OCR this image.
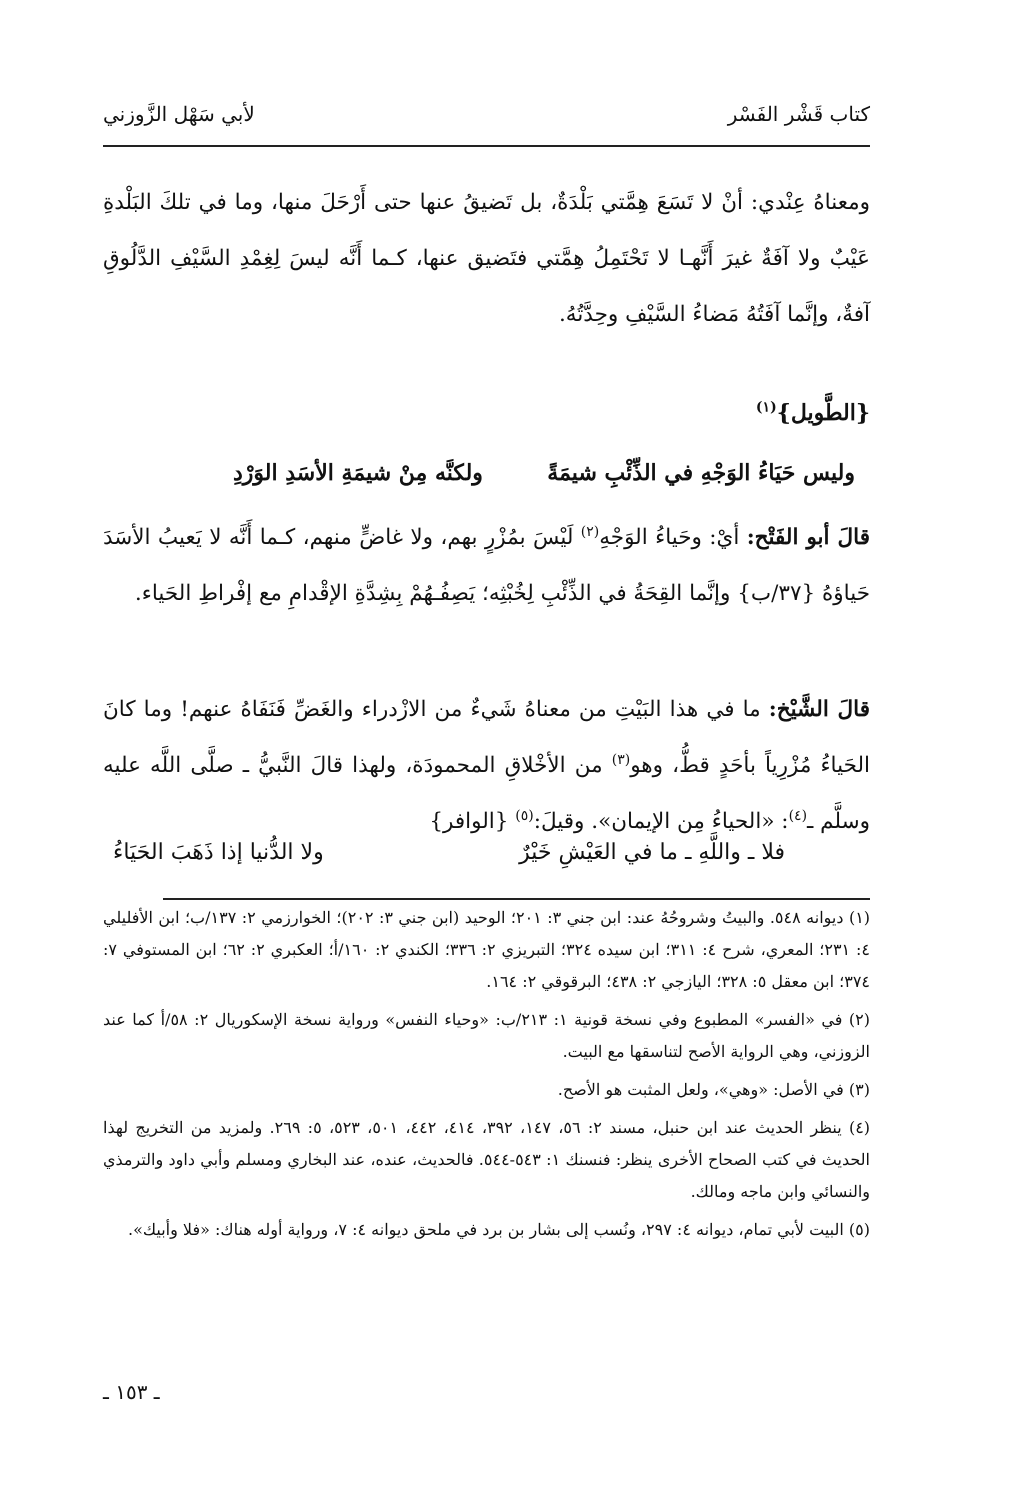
كتاب قَشْر الفَسْر
لأبي سَهْل الزَّوزني
ومعناهُ عِنْدي: أنْ لا تَسَعَ هِمَّتي بَلْدَةٌ، بل تَضيقُ عنها حتى أَرْحَلَ منها، وما في تلكَ البَلْدةِ عَيْبٌ ولا آفَةٌ غيرَ أَنَّهـا لا تَحْتَمِلُ هِمَّتي فتَضيق عنها، كـما أَنَّه ليسَ لِغِمْدِ السَّيْفِ الدَّلُوقِ آفةٌ، وإنَّما آفَتُهُ مَضاءُ السَّيْفِ وحِدَّتُهُ.
{الطَّويل}$^{(١)}$
وليس حَيَاءُ الوَجْهِ في الذِّئْبِ شيمَةً
ولكنَّه مِنْ شيمَةِ الأسَدِ الوَرْدِ
قالَ أبو الفَتْح: أيْ: وحَياءُ الوَجْهِ$^{(٢)}$ لَيْسَ بمُزْرٍ بهم، ولا غاضٍّ منهم، كـما أَنَّه لا يَعيبُ الأسَدَ حَياؤهُ {٣٧/ب} وإنَّما القِحَةُ في الذِّئْبِ لِخُبْثِه؛ يَصِفُـهُمْ بِشِدَّةِ الإقْدامِ مع إفْراطِ الحَياء.
قالَ الشَّيْخ: ما في هذا البَيْتِ من معناهُ شَيءٌ من الازْدراء والغَضِّ فَنَفَاهُ عنهم! وما كانَ الحَياءُ مُزْرِياً بأحَدٍ قطُّ، وهو$^{(٣)}$ من الأخْلاقِ المحمودَة، ولهذا قالَ النَّبيُّ ـ صلَّى اللَّه عليه وسلَّم ـ$^{(٤)}$: «الحياءُ مِن الإيمان». وقيلَ:$^{(٥)}$ {الوافر}
فلا ـ واللَّهِ ـ ما في العَيْشِ خَيْرٌ
ولا الدُّنيا إذا ذَهَبَ الحَيَاءُ
(١) ديوانه ٥٤٨. والبيتُ وشروحُهُ عند: ابن جني ٣: ٢٠١؛ الوحيد (ابن جني ٣: ٢٠٢)؛ الخوارزمي ٢: ١٣٧/ب؛ ابن الأفليلي ٤: ٢٣١؛ المعري، شرح ٤: ٣١١؛ ابن سيده ٣٢٤؛ التبريزي ٢: ٣٣٦؛ الكندي ٢: ١٦٠/أ؛ العكبري ٢: ٦٢؛ ابن المستوفي ٧: ٣٧٤؛ ابن معقل ٥: ٣٢٨؛ اليازجي ٢: ٤٣٨؛ البرقوقي ٢: ١٦٤.
(٢) في «الفسر» المطبوع وفي نسخة قونية ١: ٢١٣/ب: «وحياء النفس» ورواية نسخة الإسكوريال ٢: ٥٨/أ كما عند الزوزني، وهي الرواية الأصح لتناسقها مع البيت.
(٣) في الأصل: «وهي»، ولعل المثبت هو الأصح.
(٤) ينظر الحديث عند ابن حنبل، مسند ٢: ٥٦، ١٤٧، ٣٩٢، ٤١٤، ٤٤٢، ٥٠١، ٥٢٣، ٥: ٢٦٩. ولمزيد من التخريج لهذا الحديث في كتب الصحاح الأخرى ينظر: فنسنك ١: ٥٤٣-٥٤٤. فالحديث، عنده، عند البخاري ومسلم وأبي داود والترمذي والنسائي وابن ماجه ومالك.
(٥) البيت لأبي تمام، ديوانه ٤: ٢٩٧، ونُسب إلى بشار بن برد في ملحق ديوانه ٤: ٧، ورواية أوله هناك: «فلا وأبيك».
ـ ١٥٣ ـ
